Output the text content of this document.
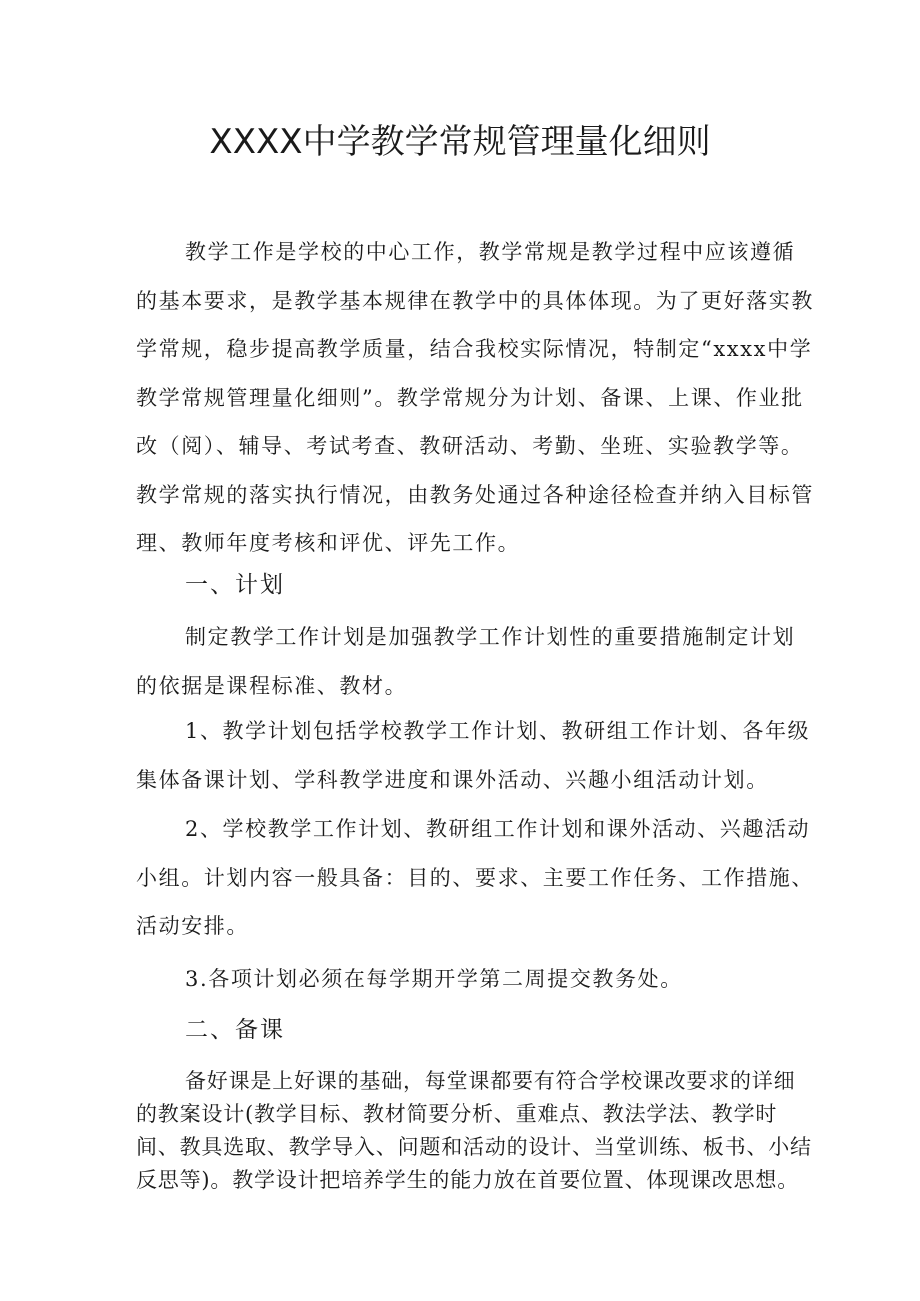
XXXX中学教学常规管理量化细则

教学工作是学校的中心工作，教学常规是教学过程中应该遵循的基本要求，是教学基本规律在教学中的具体体现。为了更好落实教学常规，稳步提高教学质量，结合我校实际情况，特制定“xxxx中学教学常规管理量化细则”。教学常规分为计划、备课、上课、作业批改（阅）、辅导、考试考查、教研活动、考勤、坐班、实验教学等。教学常规的落实执行情况，由教务处通过各种途径检查并纳入目标管理、教师年度考核和评优、评先工作。

一、计划

制定教学工作计划是加强教学工作计划性的重要措施制定计划的依据是课程标准、教材。

1、教学计划包括学校教学工作计划、教研组工作计划、各年级集体备课计划、学科教学进度和课外活动、兴趣小组活动计划。

2、学校教学工作计划、教研组工作计划和课外活动、兴趣活动小组。计划内容一般具备：目的、要求、主要工作任务、工作措施、活动安排。

3.各项计划必须在每学期开学第二周提交教务处。

二、备课

备好课是上好课的基础，每堂课都要有符合学校课改要求的详细的教案设计(教学目标、教材简要分析、重难点、教法学法、教学时间、教具选取、教学导入、问题和活动的设计、当堂训练、板书、小结反思等)。教学设计把培养学生的能力放在首要位置、体现课改思想。
